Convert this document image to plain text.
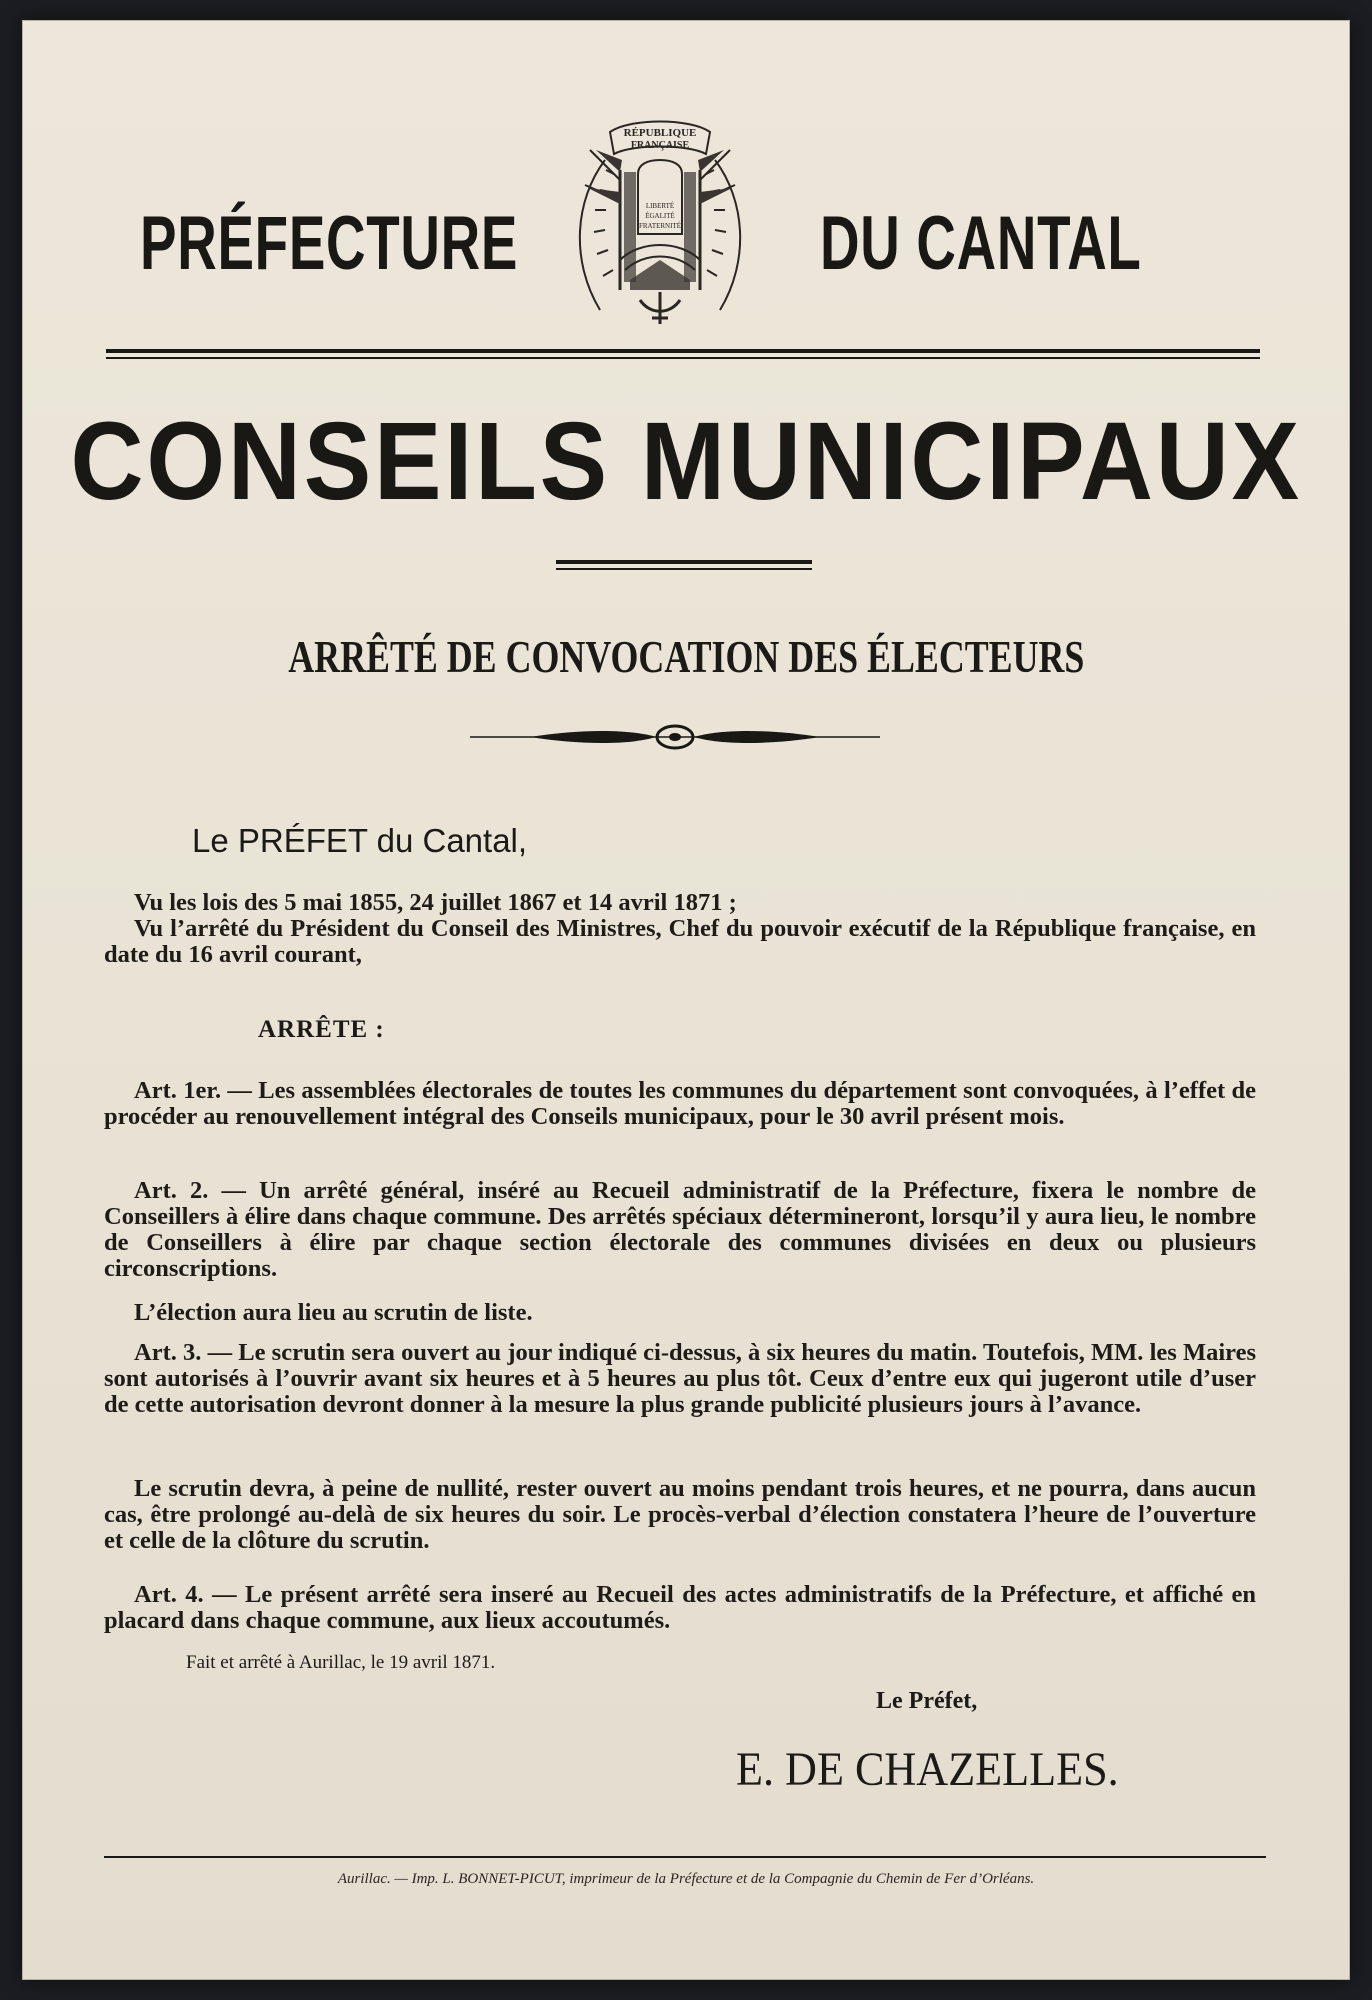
PRÉFECTURE	DU CANTAL
RÉPUBLIQUE
FRANÇAISE
LIBERTÉ
ÉGALITÉ
FRATERNITÉ
CONSEILS MUNICIPAUX
ARRÊTÉ DE CONVOCATION DES ÉLECTEURS
Le PRÉFET du Cantal,

Vu les lois des 5 mai 1855, 24 juillet 1867 et 14 avril 1871 ;

Vu l’arrêté du Président du Conseil des Ministres, Chef du pouvoir exécutif de la République française, en date du 16 avril courant,

ARRÊTE :

Art. 1er. — Les assemblées électorales de toutes les communes du département sont convoquées, à l’effet de procéder au renouvellement intégral des Conseils municipaux, pour le 30 avril présent mois.

Art. 2. — Un arrêté général, inséré au Recueil administratif de la Préfecture, fixera le nombre de Conseillers à élire dans chaque commune. Des arrêtés spéciaux détermineront, lorsqu’il y aura lieu, le nombre de Conseillers à élire par chaque section électorale des communes divisées en deux ou plusieurs circonscriptions.

L’élection aura lieu au scrutin de liste.

Art. 3. — Le scrutin sera ouvert au jour indiqué ci-dessus, à six heures du matin. Toutefois, MM. les Maires sont autorisés à l’ouvrir avant six heures et à 5 heures au plus tôt. Ceux d’entre eux qui jugeront utile d’user de cette autorisation devront donner à la mesure la plus grande publicité plusieurs jours à l’avance.

Le scrutin devra, à peine de nullité, rester ouvert au moins pendant trois heures, et ne pourra, dans aucun cas, être prolongé au-delà de six heures du soir. Le procès-verbal d’élection constatera l’heure de l’ouverture et celle de la clôture du scrutin.

Art. 4. — Le présent arrêté sera inseré au Recueil des actes administratifs de la Préfecture, et affiché en placard dans chaque commune, aux lieux accoutumés.

Fait et arrêté à Aurillac, le 19 avril 1871.
Le Préfet,
E. DE CHAZELLES.
Aurillac. — Imp. L. BONNET-PICUT, imprimeur de la Préfecture et de la Compagnie du Chemin de Fer d’Orléans.
